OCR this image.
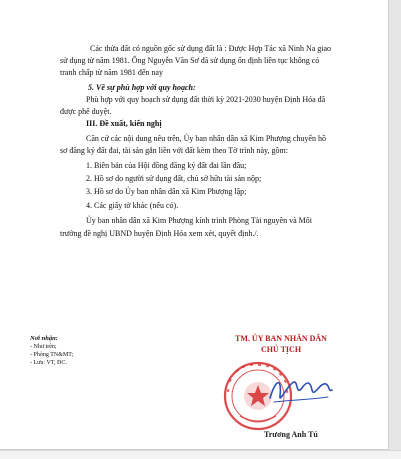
Các thửa đất có nguồn gốc sử dụng đất là : Được Hợp Tác xã Ninh Na giao
sử dụng từ năm 1981. Ông Nguyễn Văn Sơ đã sử dụng ổn định liên tục không có
tranh chấp từ năm 1981 đến nay
5. Về sự phù hợp với quy hoạch:
Phù hợp với quy hoạch sử dụng đất thời kỳ 2021-2030 huyện Định Hóa đã
được phê duyệt.
III. Đề xuất, kiến nghị
Căn cứ các nội dung nêu trên, Ủy ban nhân dân xã Kim Phượng chuyển hồ
sơ đăng ký đất đai, tài sản gắn liền với đất kèm theo Tờ trình này, gồm:
1. Biên bản của Hội đồng đăng ký đất đai lần đầu;
2. Hồ sơ do người sử dụng đất, chủ sở hữu tài sản nộp;
3. Hồ sơ do Ủy ban nhân dân xã Kim Phượng lập;
4. Các giấy tờ khác (nếu có).
Ủy ban nhân dân xã Kim Phượng kính trình Phòng Tài nguyên và Môi
trường đề nghị UBND huyện Định Hóa xem xét, quyết định./.
Nơi nhận:
- Như trên;
- Phòng TN&MT;
- Lưu: VT, ĐC.
TM. ỦY BAN NHÂN DÂN
CHỦ TỊCH
Trương Anh Tú
